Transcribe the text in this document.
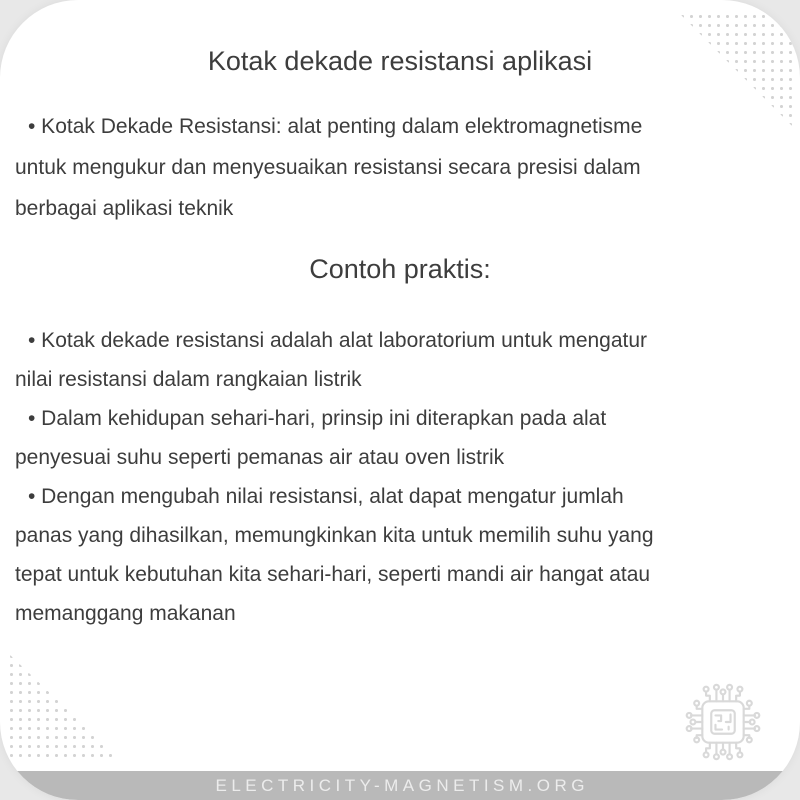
Kotak dekade resistansi aplikasi
• Kotak Dekade Resistansi: alat penting dalam elektromagnetisme
untuk mengukur dan menyesuaikan resistansi secara presisi dalam
berbagai aplikasi teknik
Contoh praktis:
• Kotak dekade resistansi adalah alat laboratorium untuk mengatur
nilai resistansi dalam rangkaian listrik
• Dalam kehidupan sehari-hari, prinsip ini diterapkan pada alat
penyesuai suhu seperti pemanas air atau oven listrik
• Dengan mengubah nilai resistansi, alat dapat mengatur jumlah
panas yang dihasilkan, memungkinkan kita untuk memilih suhu yang
tepat untuk kebutuhan kita sehari-hari, seperti mandi air hangat atau
memanggang makanan
ELECTRICITY-MAGNETISM.ORG
